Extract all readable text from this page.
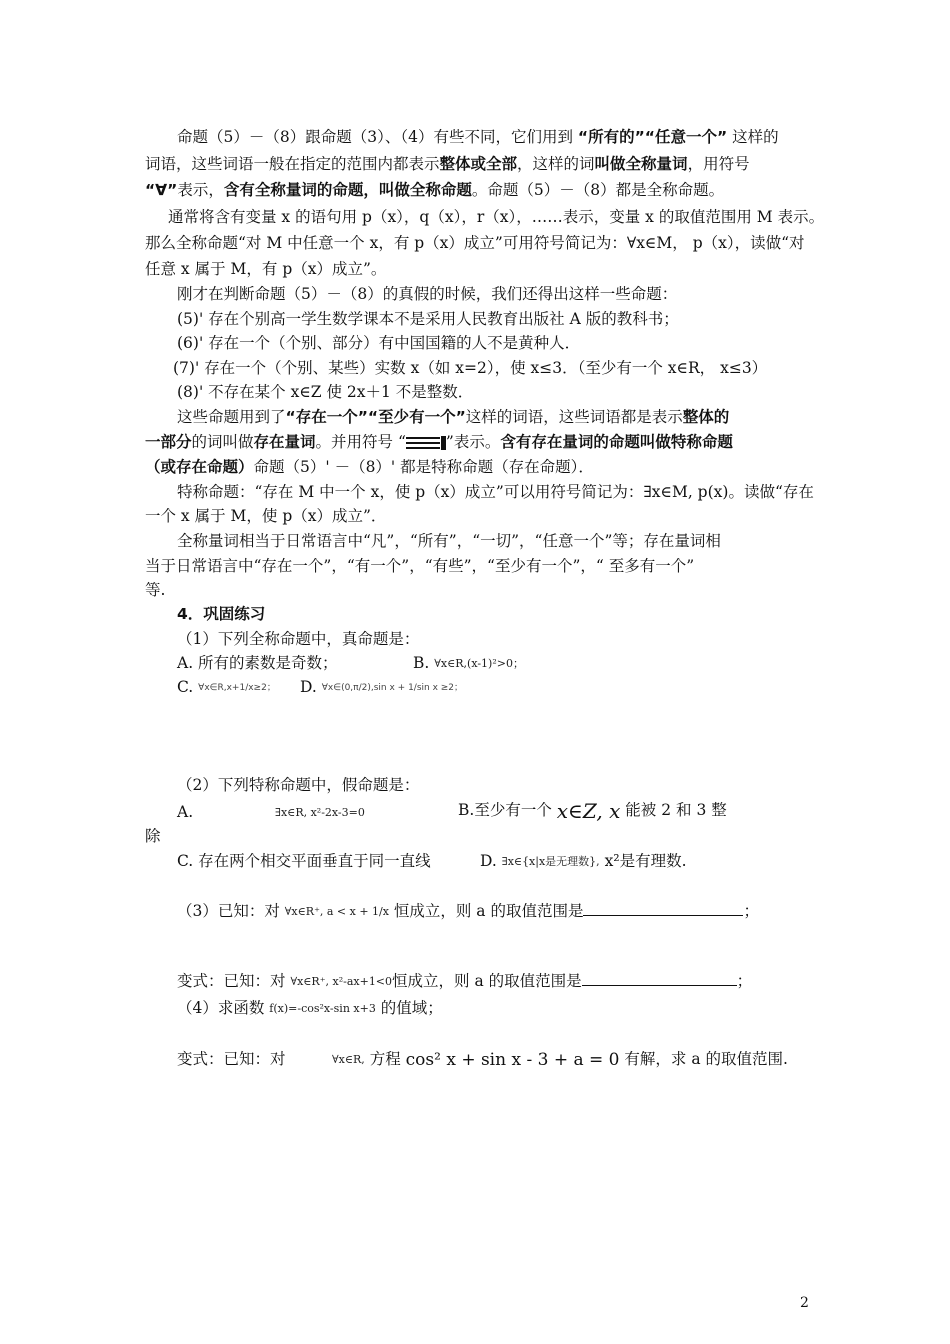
命题（5）－（8）跟命题（3）、（4）有些不同，它们用到 “所有的”“任意一个” 这样的
词语，这些词语一般在指定的范围内都表示整体或全部，这样的词叫做全称量词，用符号
“∀”表示，含有全称量词的命题，叫做全称命题。命题（5）－（8）都是全称命题。
通常将含有变量 x 的语句用 p（x），q（x），r（x），……表示，变量 x 的取值范围用 M 表示。
那么全称命题“对 M 中任意一个 x，有 p（x）成立”可用符号简记为：∀x∈M， p（x），读做“对
任意 x 属于 M，有 p（x）成立”。
刚才在判断命题（5）－（8）的真假的时候，我们还得出这样一些命题：
(5)' 存在个别高一学生数学课本不是采用人民教育出版社 A 版的教科书；
(6)' 存在一个（个别、部分）有中国国籍的人不是黄种人．
(7)' 存在一个（个别、某些）实数 x（如 x=2），使 x≤3．（至少有一个 x∈R， x≤3）
(8)' 不存在某个 x∈Z 使 2x＋1 不是整数．
这些命题用到了“存在一个”“至少有一个”这样的词语，这些词语都是表示整体的
一部分的词叫做存在量词。并用符号 “	”表示。含有存在量词的命题叫做特称命题
（或存在命题）命题（5）' －（8）' 都是特称命题（存在命题）．
特称命题：“存在 M 中一个 x，使 p（x）成立”可以用符号简记为：∃x∈M, p(x)。读做“存在
一个 x 属于 M，使 p（x）成立”．
全称量词相当于日常语言中“凡”，“所有”，“一切”，“任意一个”等；存在量词相
当于日常语言中“存在一个”，“有一个”，“有些”，“至少有一个”，“ 至多有一个”
等.
4．巩固练习
（1）下列全称命题中，真命题是：
A. 所有的素数是奇数；	B. ∀x∈R,(x-1)²>0；
C. ∀x∈R,x+1/x≥2； D. ∀x∈(0,π/2),sin x + 1/sin x ≥2；
（2）下列特称命题中，假命题是：
A.	∃x∈R, x²-2x-3=0	B.至少有一个 x∈Z, x 能被 2 和 3 整
除
C. 存在两个相交平面垂直于同一直线	D. ∃x∈{x|x是无理数}, x²是有理数.
（3）已知：对 ∀x∈R⁺, a < x + 1/x 恒成立，则 a 的取值范围是	；
变式：已知：对 ∀x∈R⁺, x²-ax+1<0恒成立，则 a 的取值范围是	；
（4）求函数 f(x)=-cos²x-sin x+3 的值域；
变式：已知：对	∀x∈R, 方程 cos² x + sin x - 3 + a = 0 有解，求 a 的取值范围.
2
